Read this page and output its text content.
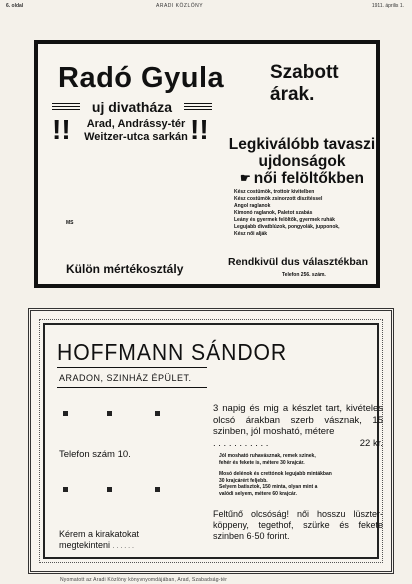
6. oldal	ARADI KÖZLÖNY	1911. április 1.
Radó Gyula Szabott árak.
uj divatháza
!!	Arad, Andrássy-tér
Weitzer-utca sarkán !!	Legkiválóbb tavaszi
ujdonságok
☛ női felöltőkben
Kész costümök, trottoir kivitelben
Kész costümök zsinorzott diszítéssel
Angol raglanok
Kimonó raglanok, Paletot szabás
Leány és gyermek felöltők, gyermek ruhák
Legujabb divatblúzok, pongyolák, jupponok,
Kész női alják
MS
Külön mértékosztály	Rendkivül dus választékban
Telefon 256. szám.
HOFFMANN SÁNDOR
ARADON, SZINHÁZ ÉPÜLET.
Telefon szám 10.
Kérem a kirakatokat
megtekinteni . . . . . .
3 napig és mig a készlet tart, kivételes olcsó árakban szerb vásznak, 15 szinben, jól mosható, métere
. . . . . . . . . . .	22 kr.
Jól mosható ruhavásznak, remek szinek,
fehér és fekete is, métere 30 krajcár.
Mosó delénok és crettónok legujabb mintákban
30 krajcárért feljebb.
Selyem batisztok, 150 minta, olyan mint a
valódi selyem, métere 60 krajcár.
Feltűnő olcsóság! női hosszu lüszter-köppeny, tegethof, szürke és fekete szinben 6·50 forint.
Nyomatott az Aradi Közlöny könyvnyomdájában, Arad, Szabadság-tér
